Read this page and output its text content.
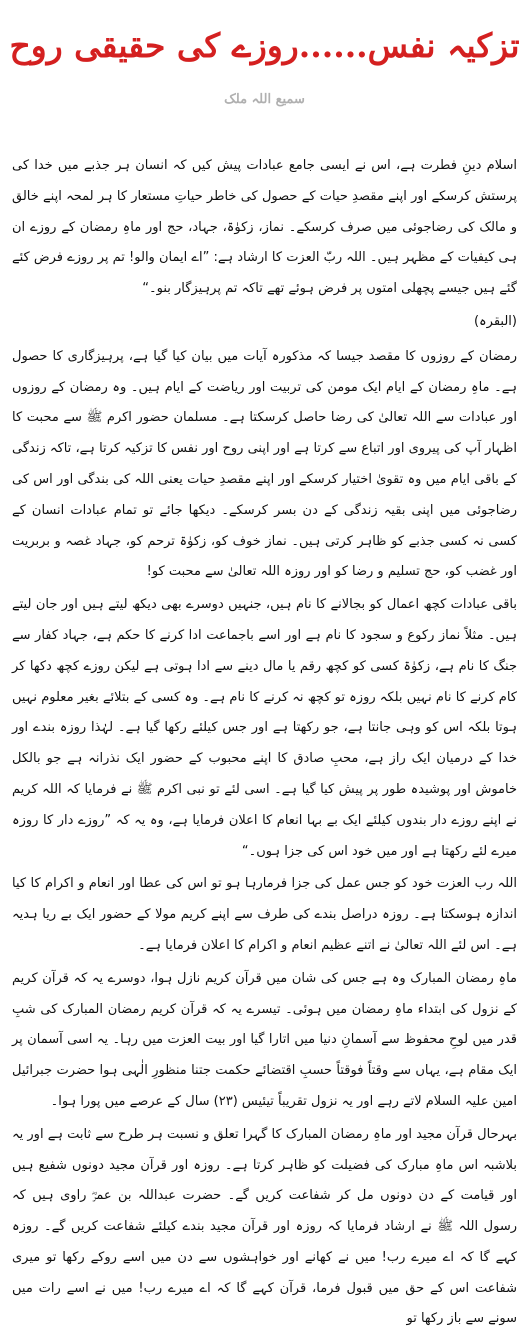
تزکیہ نفس......روزے کی حقیقی روح
سمیع اللہ ملک

اسلام دینِ فطرت ہے، اس نے ایسی جامع عبادات پیش کیں کہ انسان ہر جذبے میں خدا کی پرستش کرسکے اور اپنے مقصدِ حیات کے حصول کی خاطر حیاتِ مستعار کا ہر لمحہ اپنے خالق و مالک کی رضاجوئی میں صرف کرسکے۔ نماز، زکوٰۃ، جہاد، حج اور ماہِ رمضان کے روزے ان ہی کیفیات کے مظہر ہیں۔ اللہ ربّ العزت کا ارشاد ہے: ”اے ایمان والو! تم پر روزے فرض کئے گئے ہیں جیسے پچھلی امتوں پر فرض ہوئے تھے تاکہ تم پرہیزگار بنو۔“

(البقرہ)

رمضان کے روزوں کا مقصد جیسا کہ مذکورہ آیات میں بیان کیا گیا ہے، پرہیزگاری کا حصول ہے۔ ماہِ رمضان کے ایام ایک مومن کی تربیت اور ریاضت کے ایام ہیں۔ وہ رمضان کے روزوں اور عبادات سے اللہ تعالیٰ کی رضا حاصل کرسکتا ہے۔ مسلمان حضور اکرم ﷺ سے محبت کا اظہار آپ کی پیروی اور اتباع سے کرتا ہے اور اپنی روح اور نفس کا تزکیہ کرتا ہے، تاکہ زندگی کے باقی ایام میں وہ تقویٰ اختیار کرسکے اور اپنے مقصدِ حیات یعنی اللہ کی بندگی اور اس کی رضاجوئی میں اپنی بقیہ زندگی کے دن بسر کرسکے۔ دیکھا جائے تو تمام عبادات انسان کے کسی نہ کسی جذبے کو ظاہر کرتی ہیں۔ نماز خوف کو، زکوٰۃ ترحم کو، جہاد غصہ و بربریت اور غضب کو، حج تسلیم و رضا کو اور روزہ اللہ تعالیٰ سے محبت کو!

باقی عبادات کچھ اعمال کو بجالانے کا نام ہیں، جنہیں دوسرے بھی دیکھ لیتے ہیں اور جان لیتے ہیں۔ مثلاً نماز رکوع و سجود کا نام ہے اور اسے باجماعت ادا کرنے کا حکم ہے، جہاد کفار سے جنگ کا نام ہے، زکوٰۃ کسی کو کچھ رقم یا مال دینے سے ادا ہوتی ہے لیکن روزے کچھ دکھا کر کام کرنے کا نام نہیں بلکہ روزہ تو کچھ نہ کرنے کا نام ہے۔ وہ کسی کے بتلائے بغیر معلوم نہیں ہوتا بلکہ اس کو وہی جانتا ہے، جو رکھتا ہے اور جس کیلئے رکھا گیا ہے۔ لہٰذا روزہ بندے اور خدا کے درمیان ایک راز ہے، محبِ صادق کا اپنے محبوب کے حضور ایک نذرانہ ہے جو بالکل خاموش اور پوشیدہ طور پر پیش کیا گیا ہے۔ اسی لئے تو نبی اکرم ﷺ نے فرمایا کہ اللہ کریم نے اپنے روزے دار بندوں کیلئے ایک بے بہا انعام کا اعلان فرمایا ہے، وہ یہ کہ ”روزے دار کا روزہ میرے لئے رکھتا ہے اور میں خود اس کی جزا ہوں۔“

اللہ رب العزت خود کو جس عمل کی جزا فرمارہا ہو تو اس کی عطا اور انعام و اکرام کا کیا اندازہ ہوسکتا ہے۔ روزہ دراصل بندے کی طرف سے اپنے کریم مولا کے حضور ایک بے ریا ہدیہ ہے۔ اس لئے اللہ تعالیٰ نے اتنے عظیم انعام و اکرام کا اعلان فرمایا ہے۔

ماہِ رمضان المبارک وہ ہے جس کی شان میں قرآن کریم نازل ہوا، دوسرے یہ کہ قرآن کریم کے نزول کی ابتداء ماہِ رمضان میں ہوئی۔ تیسرے یہ کہ قرآن کریم رمضان المبارک کی شبِ قدر میں لوحِ محفوظ سے آسمانِ دنیا میں اتارا گیا اور بیت العزت میں رہا۔ یہ اسی آسمان پر ایک مقام ہے، یہاں سے وقتاً فوقتاً حسبِ اقتضائے حکمت جتنا منظورِ الٰہی ہوا حضرت جبرائیل امین علیہ السلام لاتے رہے اور یہ نزول تقریباً تیئیس (۲۳) سال کے عرصے میں پورا ہوا۔

بہرحال قرآن مجید اور ماہِ رمضان المبارک کا گہرا تعلق و نسبت ہر طرح سے ثابت ہے اور یہ بلاشبہ اس ماہِ مبارک کی فضیلت کو ظاہر کرتا ہے۔ روزہ اور قرآن مجید دونوں شفیع ہیں اور قیامت کے دن دونوں مل کر شفاعت کریں گے۔ حضرت عبداللہ بن عمرؓ راوی ہیں کہ رسول اللہ ﷺ نے ارشاد فرمایا کہ روزہ اور قرآن مجید بندے کیلئے شفاعت کریں گے۔ روزہ کہے گا کہ اے میرے رب! میں نے کھانے اور خواہشوں سے دن میں اسے روکے رکھا تو میری شفاعت اس کے حق میں قبول فرما، قرآن کہے گا کہ اے میرے رب! میں نے اسے رات میں سونے سے باز رکھا تو
